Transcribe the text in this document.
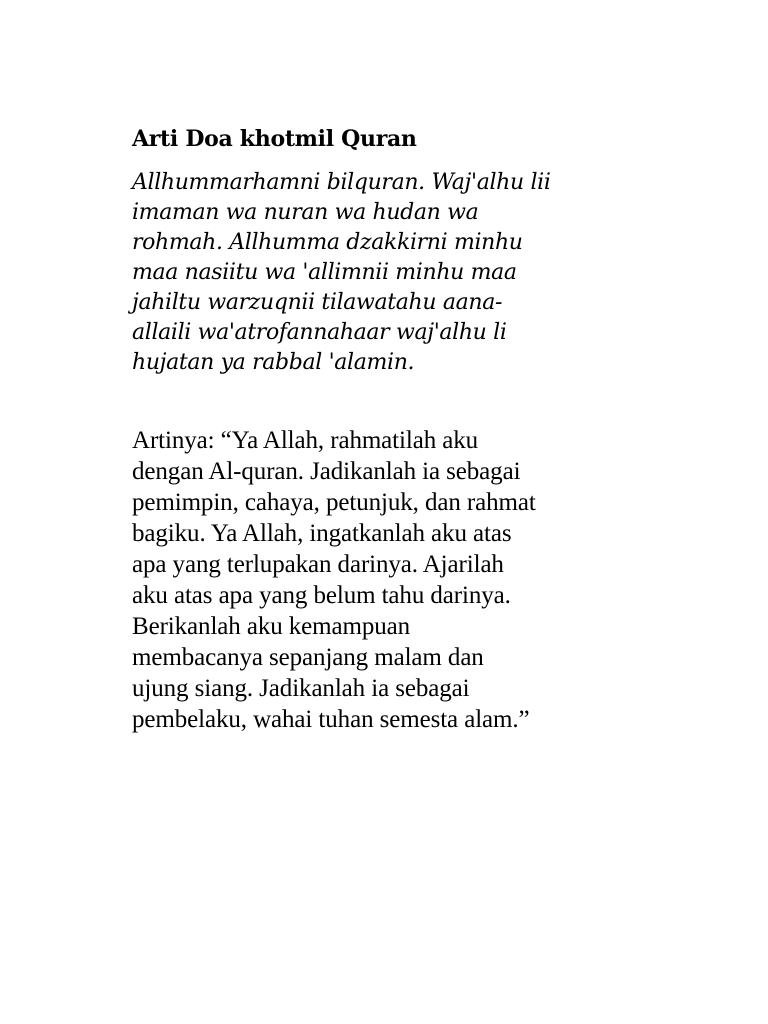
Arti Doa khotmil Quran

Allhummarhamni bilquran. Waj'alhu lii
imaman wa nuran wa hudan wa
rohmah. Allhumma dzakkirni minhu
maa nasiitu wa 'allimnii minhu maa
jahiltu warzuqnii tilawatahu aana-
allaili wa'atrofannahaar waj'alhu li
hujatan ya rabbal 'alamin.

Artinya: “Ya Allah, rahmatilah aku
dengan Al-quran. Jadikanlah ia sebagai
pemimpin, cahaya, petunjuk, dan rahmat
bagiku. Ya Allah, ingatkanlah aku atas
apa yang terlupakan darinya. Ajarilah
aku atas apa yang belum tahu darinya.
Berikanlah aku kemampuan
membacanya sepanjang malam dan
ujung siang. Jadikanlah ia sebagai
pembelaku, wahai tuhan semesta alam.”
